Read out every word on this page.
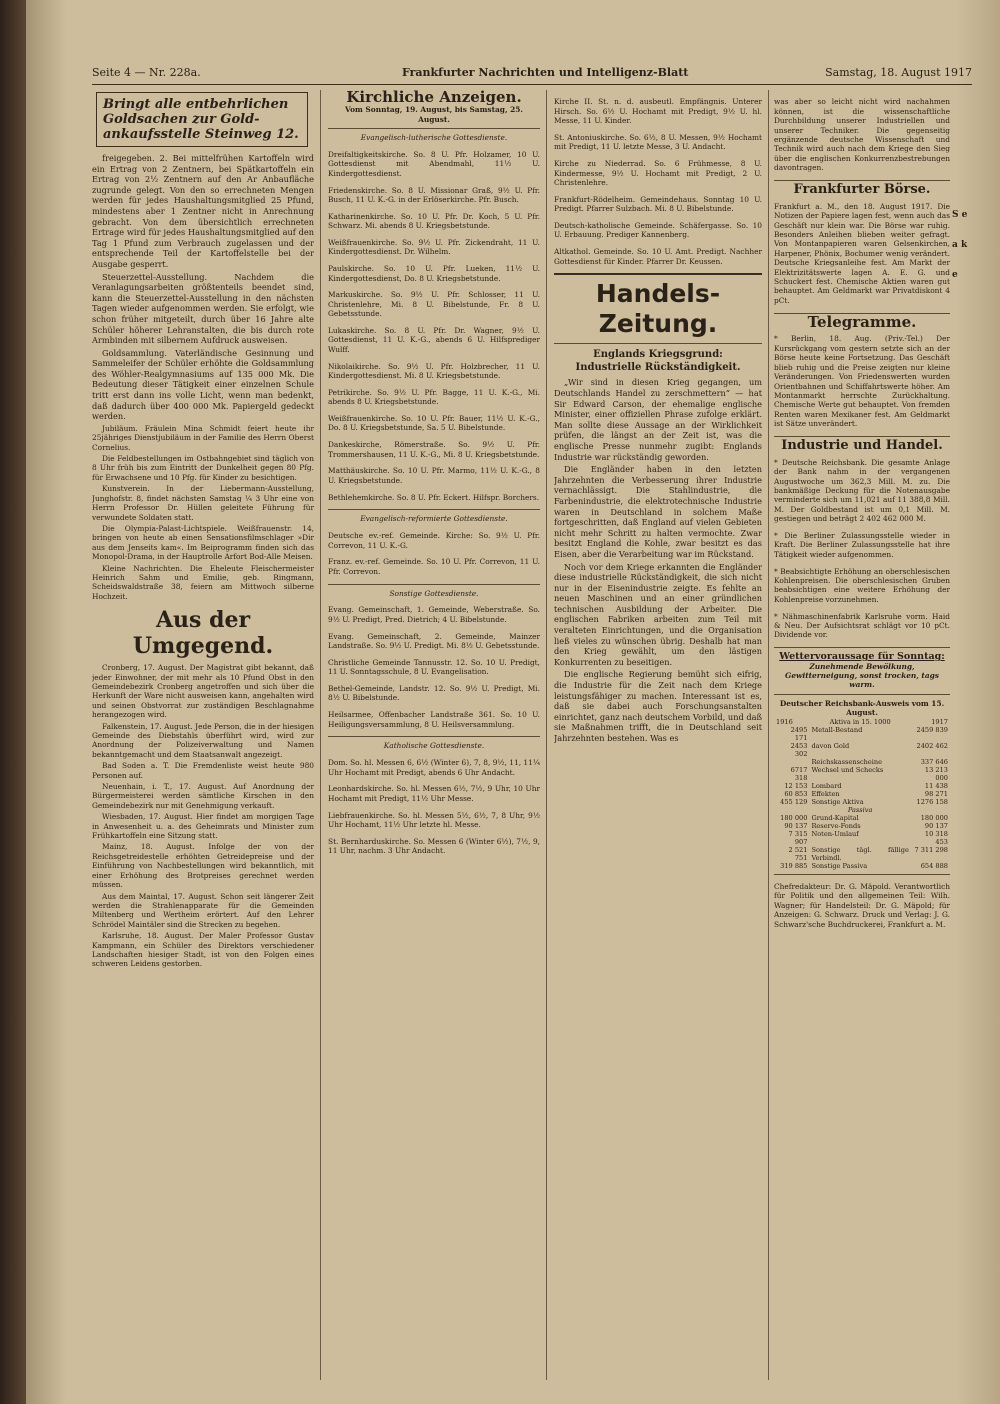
Seite 4 — Nr. 228a.	Frankfurter Nachrichten und Intelligenz-Blatt	Samstag, 18. August 1917
Bringt alle entbehrlichen
Goldsachen zur Gold-
ankaufsstelle Steinweg 12.

freigegeben. 2. Bei mittelfrühen Kartoffeln wird ein Ertrag von 2 Zentnern, bei Spätkartoffeln ein Ertrag von 2½ Zentnern auf den Ar Anbaufläche zugrunde gelegt. Von den so errechneten Mengen werden für jedes Haushaltungsmitglied 25 Pfund, mindestens aber 1 Zentner nicht in Anrechnung gebracht. Von dem übersichtlich errechneten Ertrage wird für jedes Haushaltungsmitglied auf den Tag 1 Pfund zum Verbrauch zugelassen und der entsprechende Teil der Kartoffelstelle bei der Ausgabe gesperrt.

Steuerzettel-Ausstellung. Nachdem die Veranlagungsarbeiten größtenteils beendet sind, kann die Steuerzettel-Ausstellung in den nächsten Tagen wieder aufgenommen werden. Sie erfolgt, wie schon früher mitgeteilt, durch über 16 Jahre alte Schüler höherer Lehranstalten, die bis durch rote Armbinden mit silbernem Aufdruck ausweisen.

Goldsammlung. Vaterländische Gesinnung und Sammeleifer der Schüler erhöhte die Goldsammlung des Wöhler-Realgymnasiums auf 135 000 Mk. Die Bedeutung dieser Tätigkeit einer einzelnen Schule tritt erst dann ins volle Licht, wenn man bedenkt, daß dadurch über 400 000 Mk. Papiergeld gedeckt werden.

Jubiläum. Fräulein Mina Schmidt feiert heute ihr 25jähriges Dienstjubiläum in der Familie des Herrn Oberst Cornelius.

Die Feldbestellungen im Ostbahngebiet sind täglich von 8 Uhr früh bis zum Eintritt der Dunkelheit gegen 80 Pfg. für Erwachsene und 10 Pfg. für Kinder zu besichtigen.

Kunstverein. In der Liebermann-Ausstellung, Junghofstr. 8, findet nächsten Samstag ¼ 3 Uhr eine von Herrn Professor Dr. Hüllen geleitete Führung für verwundete Soldaten statt.

Die Olympia-Palast-Lichtspiele. Weißfrauenstr. 14, bringen von heute ab einen Sensationsfilmschlager »Dir aus dem Jenseits kam«. Im Beiprogramm finden sich das Monopol-Drama, in der Hauptrolle Arfort Bod-Alle Meisen.

Kleine Nachrichten. Die Eheleute Fleischermeister Heinrich Sahm und Emilie, geb. Ringmann, Scheidswaldstraße 38, feiern am Mittwoch silberne Hochzeit.

Aus der Umgegend.

Cronberg, 17. August. Der Magistrat gibt bekannt, daß jeder Einwohner, der mit mehr als 10 Pfund Obst in den Gemeindebezirk Cronberg angetroffen und sich über die Herkunft der Ware nicht ausweisen kann, angehalten wird und seinen Obstvorrat zur zuständigen Beschlagnahme herangezogen wird.

Falkenstein, 17. August. Jede Person, die in der hiesigen Gemeinde des Diebstahls überführt wird, wird zur Anordnung der Polizeiverwaltung und Namen bekanntgemacht und dem Staatsanwalt angezeigt.

Bad Soden a. T. Die Fremdenliste weist heute 980 Personen auf.

Neuenhain, i. T., 17. August. Auf Anordnung der Bürgermeisterei werden sämtliche Kirschen in den Gemeindebezirk nur mit Genehmigung verkauft.

Wiesbaden, 17. August. Hier findet am morgigen Tage in Anwesenheit u. a. des Geheimrats und Minister zum Frühkartoffeln eine Sitzung statt.

Mainz, 18. August. Infolge der von der Reichsgetreidestelle erhöhten Getreidepreise und der Einführung von Nachbestellungen wird bekanntlich, mit einer Erhöhung des Brotpreises gerechnet werden müssen.

Aus dem Maintal, 17. August. Schon seit längerer Zeit werden die Strahlenapparate für die Gemeinden Miltenberg und Wertheim erörtert. Auf den Lehrer Schrödel Maintäler sind die Strecken zu begehen.

Karlsruhe, 18. August. Der Maler Professor Gustav Kampmann, ein Schüler des Direktors verschiedener Landschaften hiesiger Stadt, ist von den Folgen eines schweren Leidens gestorben.

Kirchliche Anzeigen.
Vom Sonntag, 19. August, bis Samstag, 25. August.
Evangelisch-lutherische Gottesdienste.

Dreifaltigkeitskirche. So. 8 U. Pfr. Holzamer, 10 U. Gottesdienst mit Abendmahl, 11½ U. Kindergottesdienst.

Friedenskirche. So. 8 U. Missionar Graß, 9½ U. Pfr. Busch, 11 U. K.-G. in der Erlöserkirche. Pfr. Busch.

Katharinenkirche. So. 10 U. Pfr. Dr. Koch, 5 U. Pfr. Schwarz. Mi. abends 8 U. Kriegsbetstunde.

Weißfrauenkirche. So. 9½ U. Pfr. Zickendraht, 11 U. Kindergottesdienst. Dr. Wilhelm.

Paulskirche. So. 10 U. Pfr. Lueken, 11½ U. Kindergottesdienst, Do. 8 U. Kriegsbetstunde.

Markuskirche. So. 9½ U. Pfr. Schlosser, 11 U. Christenlehre, Mi. 8 U. Bibelstunde, Fr. 8 U. Gebetsstunde.

Lukaskirche. So. 8 U. Pfr. Dr. Wagner, 9½ U. Gottesdienst, 11 U. K.-G., abends 6 U. Hilfsprediger Wulff.

Nikolaikirche. So. 9½ U. Pfr. Holzbrecher, 11 U. Kindergottesdienst. Mi. 8 U. Kriegsbetstunde.

Petrikirche. So. 9½ U. Pfr. Bagge, 11 U. K.-G., Mi. abends 8 U. Kriegsbetstunde.

Weißfrauenkirche. So. 10 U. Pfr. Bauer, 11½ U. K.-G., Do. 8 U. Kriegsbetstunde, Sa. 5 U. Bibelstunde.

Dankeskirche, Römerstraße. So. 9½ U. Pfr. Trommershausen, 11 U. K.-G., Mi. 8 U. Kriegsbetstunde.

Matthäuskirche. So. 10 U. Pfr. Marmo, 11½ U. K.-G., 8 U. Kriegsbetstunde.

Bethlehemkirche. So. 8 U. Pfr. Eckert. Hilfspr. Borchers.

Evangelisch-reformierte Gottesdienste.

Deutsche ev.-ref. Gemeinde. Kirche: So. 9½ U. Pfr. Correvon, 11 U. K.-G.

Franz. ev.-ref. Gemeinde. So. 10 U. Pfr. Correvon, 11 U. Pfr. Correvon.

Sonstige Gottesdienste.

Evang. Gemeinschaft, 1. Gemeinde, Weberstraße. So. 9½ U. Predigt, Pred. Dietrich; 4 U. Bibelstunde.

Evang. Gemeinschaft, 2. Gemeinde, Mainzer Landstraße. So. 9½ U. Predigt. Mi. 8½ U. Gebetsstunde.

Christliche Gemeinde Tannusstr. 12. So. 10 U. Predigt, 11 U. Sonntagsschule, 8 U. Evangelisation.

Bethel-Gemeinde, Landstr. 12. So. 9½ U. Predigt, Mi. 8½ U. Bibelstunde.

Heilsarmee, Offenbacher Landstraße 361. So. 10 U. Heiligungsversammlung, 8 U. Heilsversammlung.

Katholische Gottesdienste.

Dom. So. hl. Messen 6, 6½ (Winter 6), 7, 8, 9½, 11, 11¼ Uhr Hochamt mit Predigt, abends 6 Uhr Andacht.

Leonhardskirche. So. hl. Messen 6½, 7½, 9 Uhr, 10 Uhr Hochamt mit Predigt, 11½ Uhr Messe.

Liebfrauenkirche. So. hl. Messen 5½, 6½, 7, 8 Uhr, 9½ Uhr Hochamt, 11½ Uhr letzte hl. Messe.

St. Bernharduskirche. So. Messen 6 (Winter 6½), 7½, 9, 11 Uhr, nachm. 3 Uhr Andacht.

Kirche II. St. n. d. ausbeutl. Empfängnis. Unterer Hirsch. So. 6½ U. Hochamt mit Predigt, 9½ U. hl. Messe, 11 U. Kinder.

St. Antoniuskirche. So. 6½, 8 U. Messen, 9½ Hochamt mit Predigt, 11 U. letzte Messe, 3 U. Andacht.

Kirche zu Niederrad. So. 6 Frühmesse, 8 U. Kindermesse, 9½ U. Hochamt mit Predigt, 2 U. Christenlehre.

Frankfurt-Rödelheim. Gemeindehaus. Sonntag 10 U. Predigt. Pfarrer Sulzbach. Mi. 8 U. Bibelstunde.

Deutsch-katholische Gemeinde. Schäfergasse. So. 10 U. Erbauung. Prediger Kannenberg.

Altkathol. Gemeinde. So. 10 U. Amt. Predigt. Nachher Gottesdienst für Kinder. Pfarrer Dr. Keussen.

Handels-Zeitung.
Englands Kriegsgrund:
Industrielle Rückständigkeit.

„Wir sind in diesen Krieg gegangen, um Deutschlands Handel zu zerschmettern“ — hat Sir Edward Carson, der ehemalige englische Minister, einer offiziellen Phrase zufolge erklärt. Man sollte diese Aussage an der Wirklichkeit prüfen, die längst an der Zeit ist, was die englische Presse nunmehr zugibt: Englands Industrie war rückständig geworden.

Die Engländer haben in den letzten Jahrzehnten die Verbesserung ihrer Industrie vernachlässigt. Die Stahlindustrie, die Farbenindustrie, die elektrotechnische Industrie waren in Deutschland in solchem Maße fortgeschritten, daß England auf vielen Gebieten nicht mehr Schritt zu halten vermochte. Zwar besitzt England die Kohle, zwar besitzt es das Eisen, aber die Verarbeitung war im Rückstand.

Noch vor dem Kriege erkannten die Engländer diese industrielle Rückständigkeit, die sich nicht nur in der Eisenindustrie zeigte. Es fehlte an neuen Maschinen und an einer gründlichen technischen Ausbildung der Arbeiter. Die englischen Fabriken arbeiten zum Teil mit veralteten Einrichtungen, und die Organisation ließ vieles zu wünschen übrig. Deshalb hat man den Krieg gewählt, um den lästigen Konkurrenten zu beseitigen.

Die englische Regierung bemüht sich eifrig, die Industrie für die Zeit nach dem Kriege leistungsfähiger zu machen. Interessant ist es, daß sie dabei auch Forschungsanstalten einrichtet, ganz nach deutschem Vorbild, und daß sie Maßnahmen trifft, die in Deutschland seit Jahrzehnten bestehen. Was es

was aber so leicht nicht wird nachahmen können, ist die wissenschaftliche Durchbildung unserer Industriellen und unserer Techniker. Die gegenseitig ergänzende deutsche Wissenschaft und Technik wird auch nach dem Kriege den Sieg über die englischen Konkurrenzbestrebungen davontragen.

Frankfurter Börse.

Frankfurt a. M., den 18. August 1917. Die Notizen der Papiere lagen fest, wenn auch das Geschäft nur klein war. Die Börse war ruhig. Besonders Anleihen blieben weiter gefragt. Von Montanpapieren waren Gelsenkirchen, Harpener, Phönix, Bochumer wenig verändert. Deutsche Kriegsanleihe fest. Am Markt der Elektrizitätswerte lagen A. E. G. und Schuckert fest. Chemische Aktien waren gut behauptet. Am Geldmarkt war Privatdiskont 4 pCt.

Telegramme.

* Berlin, 18. Aug. (Priv.-Tel.) Der Kursrückgang vom gestern setzte sich an der Börse heute keine Fortsetzung. Das Geschäft blieb ruhig und die Preise zeigten nur kleine Veränderungen. Von Friedenswerten wurden Orientbahnen und Schiffahrtswerte höher. Am Montanmarkt herrschte Zurückhaltung. Chemische Werte gut behauptet. Von fremden Renten waren Mexikaner fest. Am Geldmarkt ist Sätze unverändert.

Industrie und Handel.

* Deutsche Reichsbank. Die gesamte Anlage der Bank nahm in der vergangenen Augustwoche um 362,3 Mill. M. zu. Die bankmäßige Deckung für die Notenausgabe verminderte sich um 11,021 auf 11 388,8 Mill. M. Der Goldbestand ist um 0,1 Mill. M. gestiegen und beträgt 2 402 462 000 M.

* Die Berliner Zulassungsstelle wieder in Kraft. Die Berliner Zulassungsstelle hat ihre Tätigkeit wieder aufgenommen.

* Beabsichtigte Erhöhung an oberschlesischen Kohlenpreisen. Die oberschlesischen Gruben beabsichtigen eine weitere Erhöhung der Kohlenpreise vorzunehmen.

* Nähmaschinenfabrik Karlsruhe vorm. Haid & Neu. Der Aufsichtsrat schlägt vor 10 pCt. Dividende vor.

Wettervoraussage für Sonntag:
Zunehmende Bewölkung, Gewitterneigung, sonst trocken, tags warm.
Deutscher Reichsbank-Ausweis vom 15. August.
1916	Aktiva in 15. 1000	1917
2495 171	Metall-Bestand	2459 839
2453 302	davon Gold	2402 462
	Reichskassenscheine	337 646
6717 318	Wechsel und Schecks	13 213 000
12 153	Lombard	11 438
60 853	Effekten	98 271
455 129	Sonstige Aktiva	1276 158
	Passiva	
180 000	Grund-Kapital	180 000
90 137	Reserve-Fonds	90 137
7 315 907	Noten-Umlauf	10 318 453
2 521 751	Sonstige tägl. fällige Verbindl.	7 311 298
319 885	Sonstige Passiva	654 888

Chefredakteur: Dr. G. Mäpold. Verantwortlich für Politik und den allgemeinen Teil: Wilh. Wagner; für Handelsteil: Dr. G. Mäpold; für Anzeigen: G. Schwarz. Druck und Verlag: J. G. Schwarz'sche Buchdruckerei, Frankfurt a. M.

S e a k e
